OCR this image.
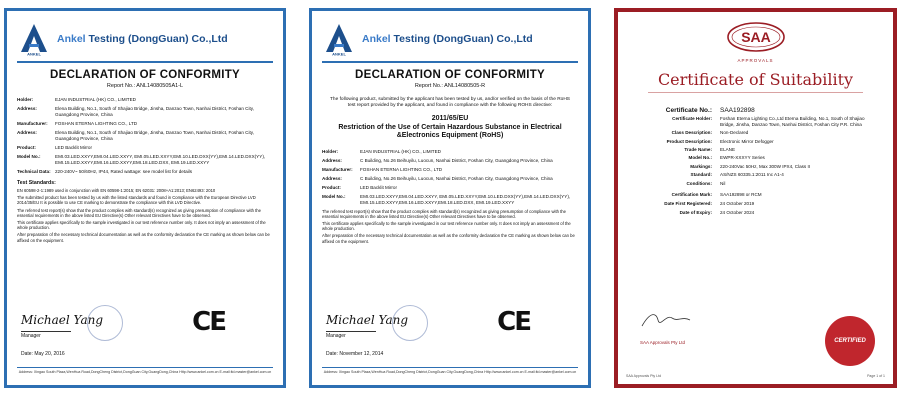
ANKEL
Ankel Testing (DongGuan) Co.,Ltd
DECLARATION OF CONFORMITY
Report No.: ANL14080505A1-L
Holder:	EJAN INDUSTRIAL (HK) CO., LIMITED
Address:	Elena Building, No.1, South of Shajiao Bridge, Jinsha, Danzao Town, Nanhai District, Foshan City, Guangdong Province, China
Manufacturer:	FOSHAN ETERNA LIGHTING CO., LTD
Address:	Elena Building, No.1, South of Shajiao Bridge, Jinsha, Danzao Town, Nanhai District, Foshan City, Guangdong Province, China
Product:	LED Backlit Mirror
Model No.:	EMI.03.LED.XXYY,EMI.04.LED.XXYY, EMI.05.LED.XXYY,EMI.10.LED.DXX(YY),EMI.14.LED.DXX(YY), EMI.15.LED.XXYY,EMI.16.LED.XXYY,EMI.18.LED.DXX, EMI.19.LED.XXYY
Technical Data: 220-240V~ 50/60Hz, IP44, Rated wattage: see model list for details
Test Standards:
EN 60598-2-1:1989 used in conjunction with EN 60598-1:2015; EN 62031: 2008+A1:2013; EN62493: 2010
The submitted product has been tested by us with the listed standards and found in Compliance with the European Directive LVD 2014/35/EU It is possible to use CE marking to demonstrate the compliance with this LVD Directive.
The referred test report(s) show that the product complies with standard(s) recognized as giving presumption of compliance with the essential requirements in the above listed EU Directive(s) Other relevant Directives have to be observed.
This certificate applies specifically to the sample investigated in our test reference number only. It does not imply an assessment of the whole production.
After preparation of the necessary technical documentation as well as the conformity declaration the CE marking as shown below can be affixed on the equipment.
Michael Yang
Manager	CE
Date: May 20, 2016
Address: Xingao South Plaza,WenHua Road,DongCheng District,DongGuan City,GuangDong,China Http://www.ankel.com.cn E-mail:ltd.master@ankel.com.cn
ANKEL
Ankel Testing (DongGuan) Co.,Ltd
DECLARATION OF CONFORMITY
Report No.: ANL14080505-R
The following product, submitted by the applicant has been tested by us, and/or verified on the basis of the RoHS test report provided by the applicant, and found in compliance with the following ROHS directive:
2011/65/EU
Restriction of the Use of Certain Hazardous Substance in Electrical &Electronics Equipment (RoHS)
Holder:	EJAN INDUSTRIAL (HK) CO., LIMITED
Address:	C Building, No.26 Beihuyilu, Luocun, Nanhai District, Foshan City, Guangdong Province, China
Manufacturer:	FOSHAN ETERNA LIGHTING CO., LTD
Address:	C Building, No.26 Beihuyilu, Luocun, Nanhai District, Foshan City, Guangdong Province, China
Product:	LED Backlit Mirror
Model No.:	EMI.03.LED.XXYY,EMI.04.LED.XXYY, EMI.05.LED.XXYY,EMI.10.LED.DXX(YY),EMI.14.LED.DXX(YY), EMI.15.LED.XXYY,EMI.16.LED.XXYY,EMI.18.LED.DXX, EMI.19.LED.XXYY
The referred test report(s) show that the product complies with standard(s) recognized as giving presumption of compliance with the essential requirements in the above listed EU Directive(s) Other relevant Directives have to be observed.
This certificate applies specifically to the sample investigated in our test reference number only. It does not imply an assessment of the whole production.
After preparation of the necessary technical documentation as well as the conformity declaration the CE marking as shown below can be affixed on the equipment.
Michael Yang
Manager	CE
Date: November 12, 2014
Address: Xingao South Plaza,WenHua Road,DongCheng District,DongGuan City,GuangDong,China Http://www.ankel.com.cn E-mail:ltd.master@ankel.com.cn
SAA
APPROVALS
Certificate of Suitability
Certificate No.:	SAA192898
Certificate Holder:	Foshan Eterna Lighting Co.,Ltd Eterna Building, No.1, South of Shajiao Bridge, Jinsha, Danzao Town, Nanhai District, Foshan City P.R. China
Class Description:	Non-Declared
Product Description:	Electronic Mirror Defogger
Trade Name:	ELANE
Model No.:	EWPR-XXXYY Series
Markings:	220-240Vac 50Hz, Max 300W IPX4, Class II
Standard:	AS/NZS 60335.1:2011 Inc A1-4
Conditions:	Nil
Certification Mark:	SAA192898 or RCM
Date First Registered:	24 October 2019
Date of Expiry:	24 October 2024
SAA Approvals Pty Ltd	CERTIFIED
SAA Approvals Pty Ltd	Page 1 of 1
